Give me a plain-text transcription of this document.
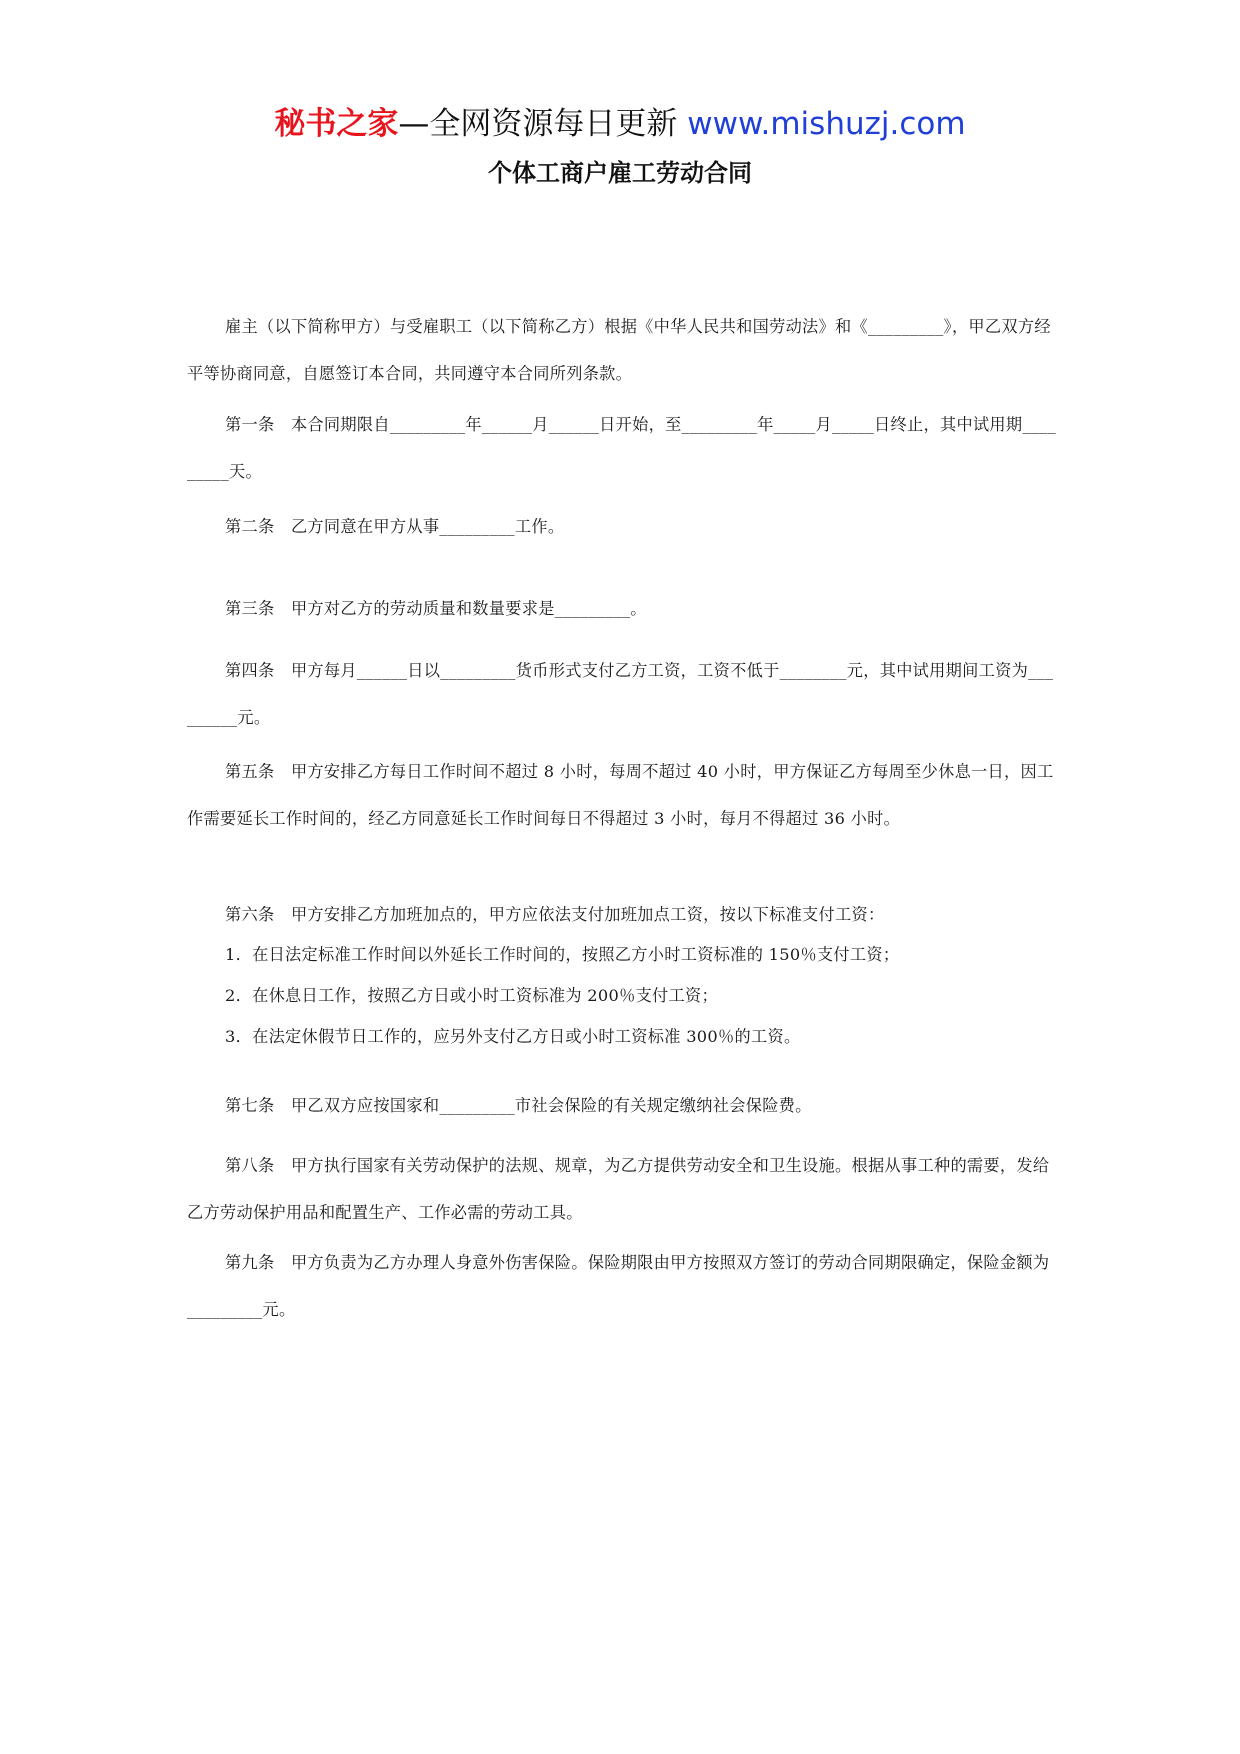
秘书之家—全网资源每日更新 www.mishuzj.com
个体工商户雇工劳动合同

雇主（以下简称甲方）与受雇职工（以下简称乙方）根据《中华人民共和国劳动法》和《_________》，甲乙双方经平等协商同意，自愿签订本合同，共同遵守本合同所列条款。

第一条　本合同期限自_________年______月______日开始，至_________年_____月_____日终止，其中试用期_________天。

第二条　乙方同意在甲方从事_________工作。

第三条　甲方对乙方的劳动质量和数量要求是_________。

第四条　甲方每月______日以_________货币形式支付乙方工资，工资不低于________元，其中试用期间工资为_________元。

第五条　甲方安排乙方每日工作时间不超过 8 小时，每周不超过 40 小时，甲方保证乙方每周至少休息一日，因工作需要延长工作时间的，经乙方同意延长工作时间每日不得超过 3 小时，每月不得超过 36 小时。

第六条　甲方安排乙方加班加点的，甲方应依法支付加班加点工资，按以下标准支付工资：

1．在日法定标准工作时间以外延长工作时间的，按照乙方小时工资标准的 150％支付工资；

2．在休息日工作，按照乙方日或小时工资标准为 200％支付工资；

3．在法定休假节日工作的，应另外支付乙方日或小时工资标准 300％的工资。

第七条　甲乙双方应按国家和_________市社会保险的有关规定缴纳社会保险费。

第八条　甲方执行国家有关劳动保护的法规、规章，为乙方提供劳动安全和卫生设施。根据从事工种的需要，发给乙方劳动保护用品和配置生产、工作必需的劳动工具。

第九条　甲方负责为乙方办理人身意外伤害保险。保险期限由甲方按照双方签订的劳动合同期限确定，保险金额为_________元。
